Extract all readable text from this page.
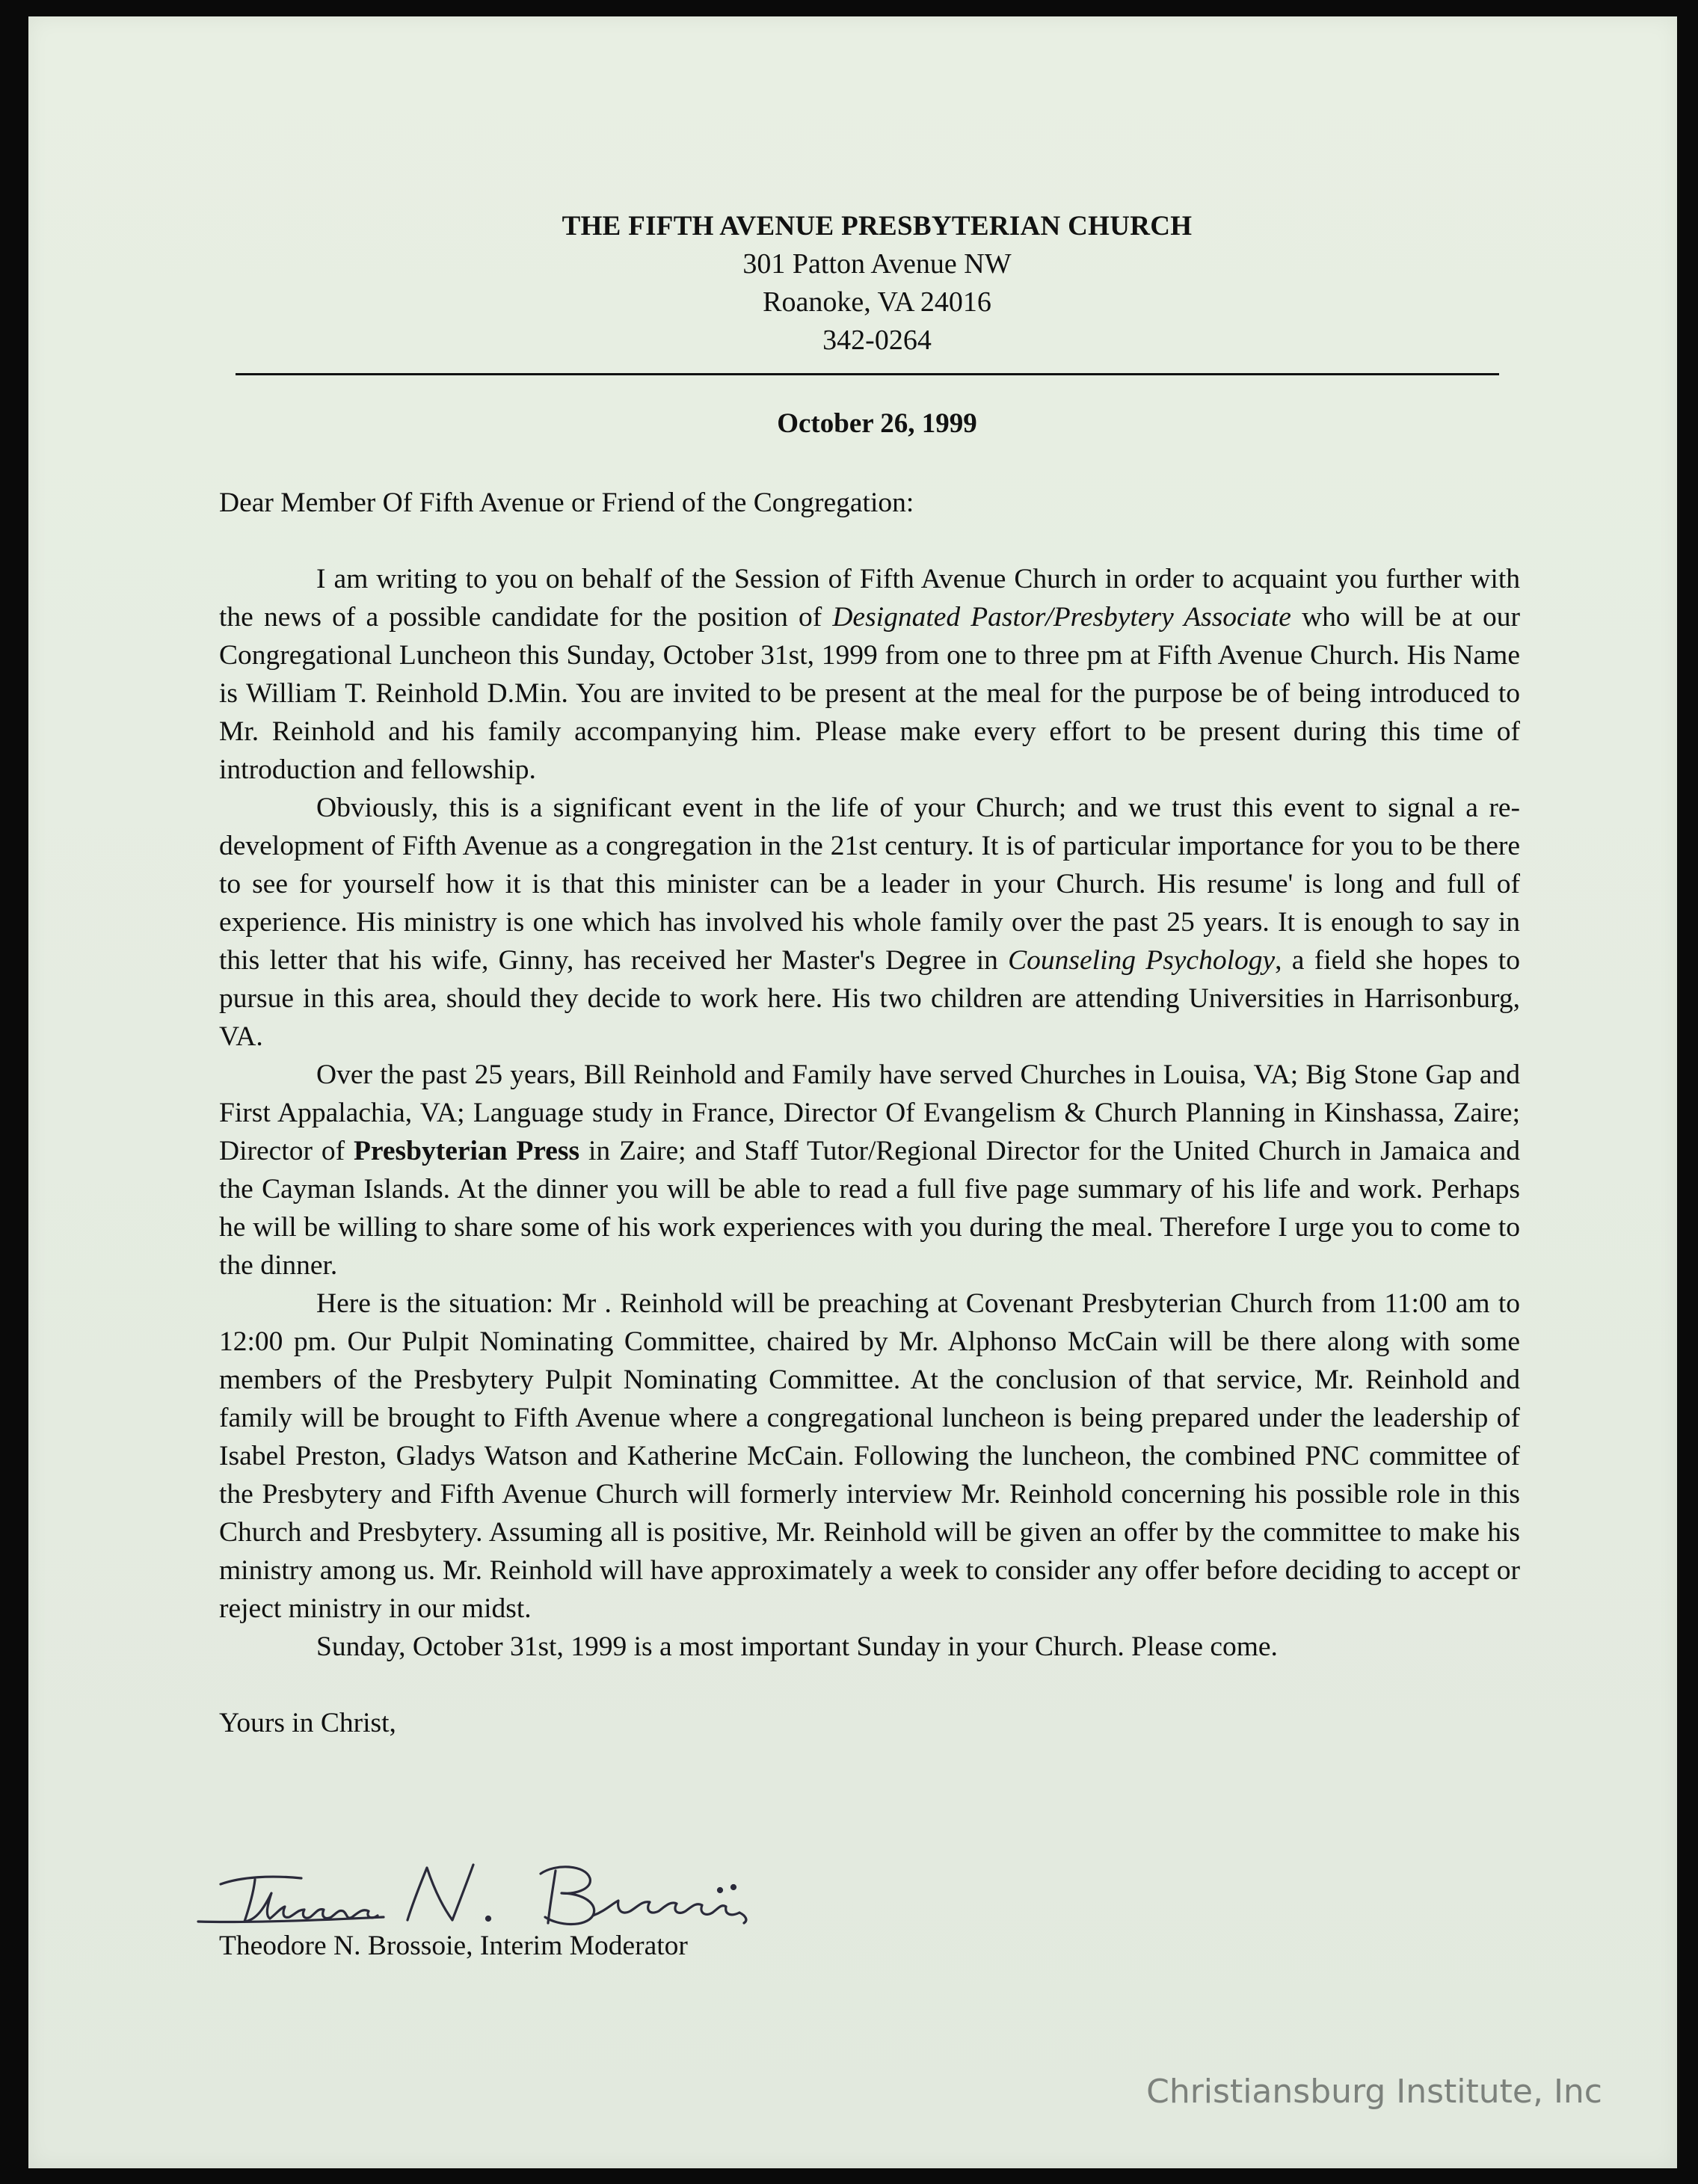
THE FIFTH AVENUE PRESBYTERIAN CHURCH
301 Patton Avenue NW
Roanoke, VA 24016
342-0264
October 26, 1999

Dear Member Of Fifth Avenue or Friend of the Congregation:

I am writing to you on behalf of the Session of Fifth Avenue Church in order to acquaint you further with the news of a possible candidate for the position of Designated Pastor/Presbytery Associate who will be at our Congregational Luncheon this Sunday, October 31st, 1999 from one to three pm at Fifth Avenue Church. His Name is William T. Reinhold D.Min. You are invited to be present at the meal for the purpose be of being introduced to Mr. Reinhold and his family accompanying him. Please make every effort to be present during this time of introduction and fellowship.

Obviously, this is a significant event in the life of your Church; and we trust this event to signal a re-development of Fifth Avenue as a congregation in the 21st century. It is of particular importance for you to be there to see for yourself how it is that this minister can be a leader in your Church. His resume' is long and full of experience. His ministry is one which has involved his whole family over the past 25 years. It is enough to say in this letter that his wife, Ginny, has received her Master's Degree in Counseling Psychology, a field she hopes to pursue in this area, should they decide to work here. His two children are attending Universities in Harrisonburg, VA.

Over the past 25 years, Bill Reinhold and Family have served Churches in Louisa, VA; Big Stone Gap and First Appalachia, VA; Language study in France, Director Of Evangelism & Church Planning in Kinshassa, Zaire; Director of Presbyterian Press in Zaire; and Staff Tutor/Regional Director for the United Church in Jamaica and the Cayman Islands. At the dinner you will be able to read a full five page summary of his life and work. Perhaps he will be willing to share some of his work experiences with you during the meal. Therefore I urge you to come to the dinner.

Here is the situation: Mr . Reinhold will be preaching at Covenant Presbyterian Church from 11:00 am to 12:00 pm. Our Pulpit Nominating Committee, chaired by Mr. Alphonso McCain will be there along with some members of the Presbytery Pulpit Nominating Committee. At the conclusion of that service, Mr. Reinhold and family will be brought to Fifth Avenue where a congregational luncheon is being prepared under the leadership of Isabel Preston, Gladys Watson and Katherine McCain. Following the luncheon, the combined PNC committee of the Presbytery and Fifth Avenue Church will formerly interview Mr. Reinhold concerning his possible role in this Church and Presbytery. Assuming all is positive, Mr. Reinhold will be given an offer by the committee to make his ministry among us. Mr. Reinhold will have approximately a week to consider any offer before deciding to accept or reject ministry in our midst.

Sunday, October 31st, 1999 is a most important Sunday in your Church. Please come.

Yours in Christ,

Theodore N. Brossoie, Interim Moderator
Christiansburg Institute, Inc
